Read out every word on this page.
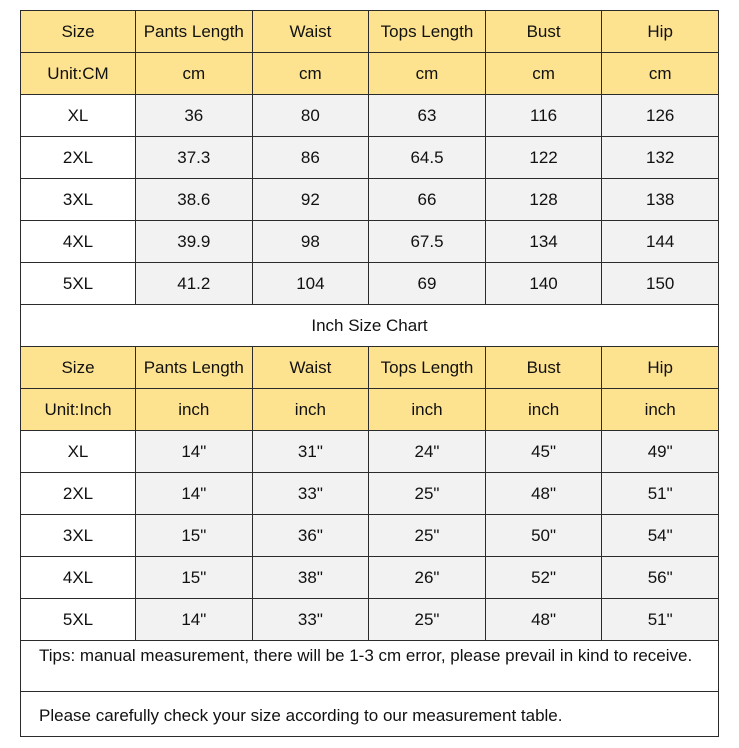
Size	Pants Length	Waist	Tops Length	Bust	Hip
Unit:CM	cm	cm	cm	cm	cm
XL	36	80	63	116	126
2XL	37.3	86	64.5	122	132
3XL	38.6	92	66	128	138
4XL	39.9	98	67.5	134	144
5XL	41.2	104	69	140	150
Inch Size Chart					
Size	Pants Length	Waist	Tops Length	Bust	Hip
Unit:Inch	inch	inch	inch	inch	inch
XL	14"	31"	24"	45"	49"
2XL	14"	33"	25"	48"	51"
3XL	15"	36"	25"	50"	54"
4XL	15"	38"	26"	52"	56"
5XL	14"	33"	25"	48"	51"
Tips: manual measurement, there will be 1-3 cm error, please prevail in kind to receive.					
Please carefully check your size according to our measurement table.					
